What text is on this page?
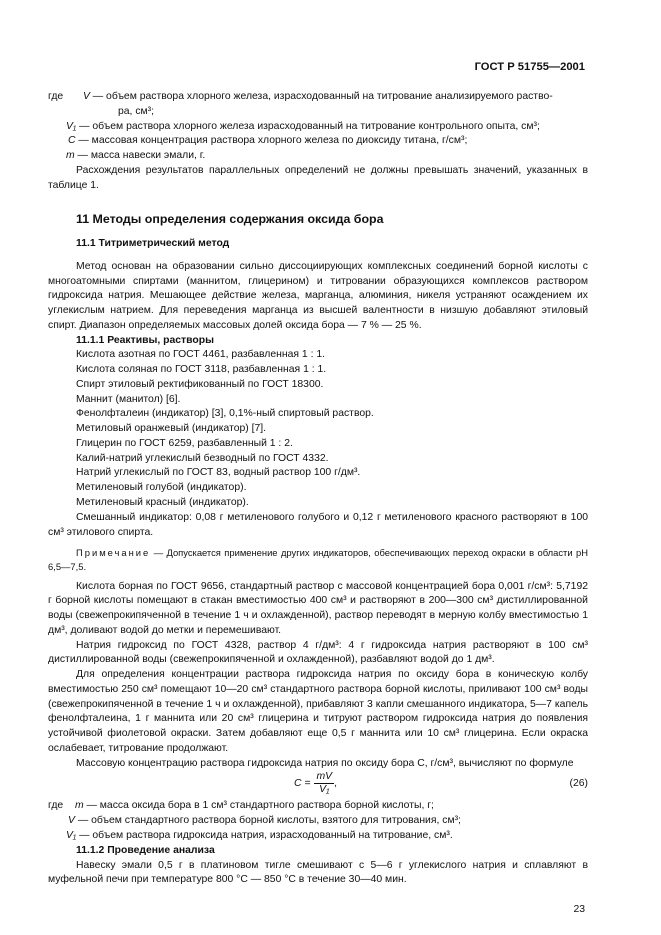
ГОСТ Р 51755—2001
где V — объем раствора хлорного железа, израсходованный на титрование анализируемого раство-
ра, см³;
V₁ — объем раствора хлорного железа израсходованный на титрование контрольного опыта, см³;
C — массовая концентрация раствора хлорного железа по диоксиду титана, г/см³;
m — масса навески эмали, г.

Расхождения результатов параллельных определений не должны превышать значений, указанных в таблице 1.

11 Методы определения содержания оксида бора

11.1 Титриметрический метод

Метод основан на образовании сильно диссоциирующих комплексных соединений борной кислоты с многоатомными спиртами (маннитом, глицерином) и титровании образующихся комплексов раствором гидроксида натрия. Мешающее действие железа, марганца, алюминия, никеля устраняют осаждением их углекислым натрием. Для переведения марганца из высшей валентности в низшую добавляют этиловый спирт. Диапазон определяемых массовых долей оксида бора — 7 % — 25 %.

11.1.1 Реактивы, растворы

Кислота азотная по ГОСТ 4461, разбавленная 1 : 1.

Кислота соляная по ГОСТ 3118, разбавленная 1 : 1.

Спирт этиловый ректификованный по ГОСТ 18300.

Маннит (манитол) [6].

Фенолфталеин (индикатор) [3], 0,1%-ный спиртовый раствор.

Метиловый оранжевый (индикатор) [7].

Глицерин по ГОСТ 6259, разбавленный 1 : 2.

Калий-натрий углекислый безводный по ГОСТ 4332.

Натрий углекислый по ГОСТ 83, водный раствор 100 г/дм³.

Метиленовый голубой (индикатор).

Метиленовый красный (индикатор).

Смешанный индикатор: 0,08 г метиленового голубого и 0,12 г метиленового красного растворяют в 100 см³ этилового спирта.

Примечание — Допускается применение других индикаторов, обеспечивающих переход окраски в области рН 6,5—7,5.

Кислота борная по ГОСТ 9656, стандартный раствор с массовой концентрацией бора 0,001 г/см³: 5,7192 г борной кислоты помещают в стакан вместимостью 400 см³ и растворяют в 200—300 см³ дистиллированной воды (свежепрокипяченной в течение 1 ч и охлажденной), раствор переводят в мерную колбу вместимостью 1 дм³, доливают водой до метки и перемешивают.

Натрия гидроксид по ГОСТ 4328, раствор 4 г/дм³: 4 г гидроксида натрия растворяют в 100 см³ дистиллированной воды (свежепрокипяченной и охлажденной), разбавляют водой до 1 дм³.

Для определения концентрации раствора гидроксида натрия по оксиду бора в коническую колбу вместимостью 250 см³ помещают 10—20 см³ стандартного раствора борной кислоты, приливают 100 см³ воды (свежепрокипяченной в течение 1 ч и охлажденной), прибавляют 3 капли смешанного индикатора, 5—7 капель фенолфталеина, 1 г маннита или 20 см³ глицерина и титруют раствором гидроксида натрия до появления устойчивой фиолетовой окраски. Затем добавляют еще 0,5 г маннита или 10 см³ глицерина. Если окраска ослабевает, титрование продолжают.

Массовую концентрацию раствора гидроксида натрия по оксиду бора C, г/см³, вычисляют по формуле

$C = \frac{mV}{\text{V₁}}$ ,	(26)
где m — масса оксида бора в 1 см³ стандартного раствора борной кислоты, г;
V — объем стандартного раствора борной кислоты, взятого для титрования, см³;
V₁ — объем раствора гидроксида натрия, израсходованный на титрование, см³.

11.1.2 Проведение анализа

Навеску эмали 0,5 г в платиновом тигле смешивают с 5—6 г углекислого натрия и сплавляют в муфельной печи при температуре 800 °C — 850 °C в течение 30—40 мин.

23
